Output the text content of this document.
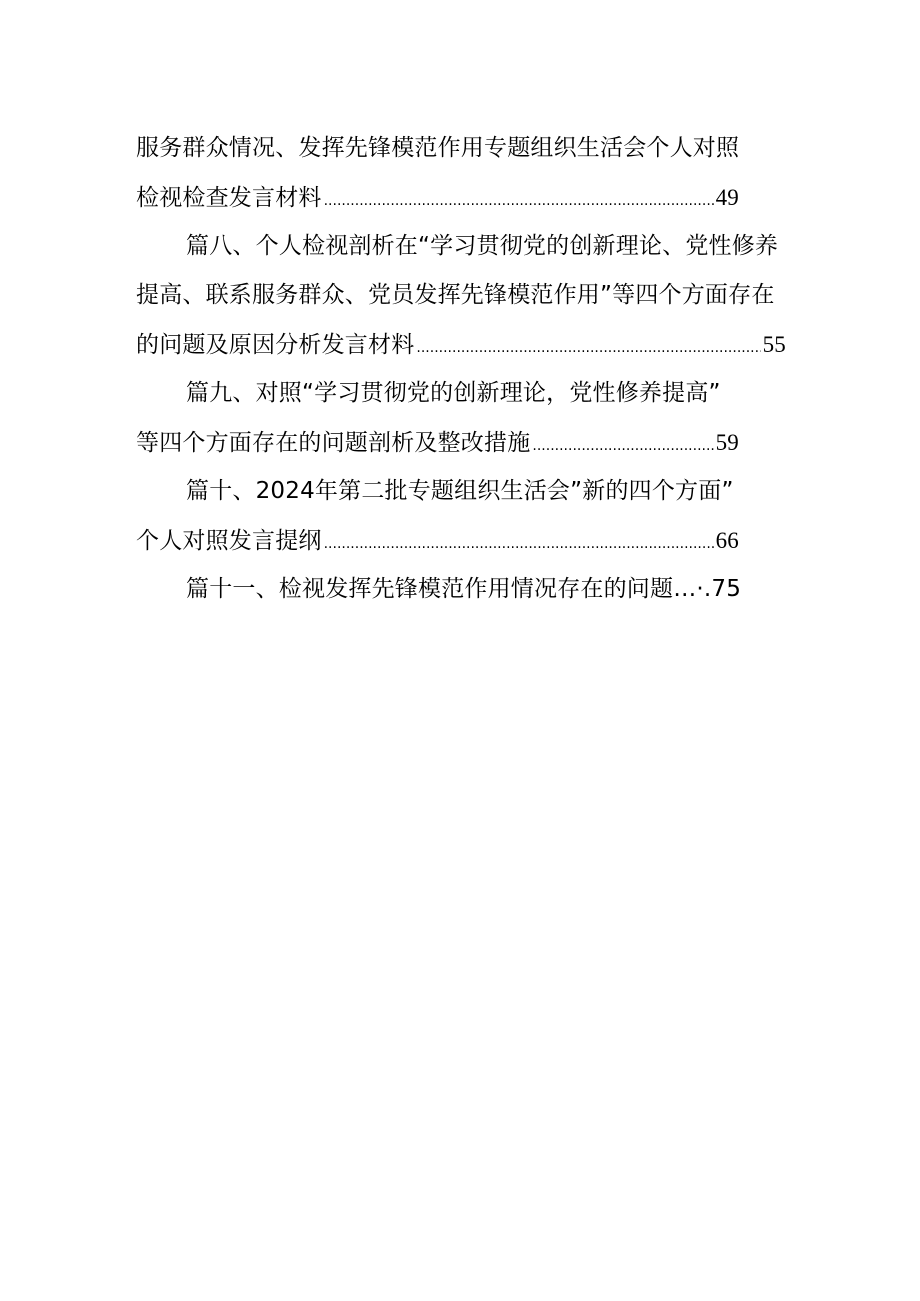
服务群众情况、发挥先锋模范作用专题组织生活会个人对照
检视检查发言材料 .....	49
篇八、个人检视剖析在“学习贯彻党的创新理论、党性修养
提高、联系服务群众、党员发挥先锋模范作用”等四个方面存在
的问题及原因分析发言材料 .....	55
篇九、对照“学习贯彻党的创新理论，党性修养提高”
等四个方面存在的问题剖析及整改措施 .....	59
篇十、2024年第二批专题组织生活会”新的四个方面”
个人对照发言提纲 .....	66
篇十一、检视发挥先锋模范作用情况存在的问题…·.75
